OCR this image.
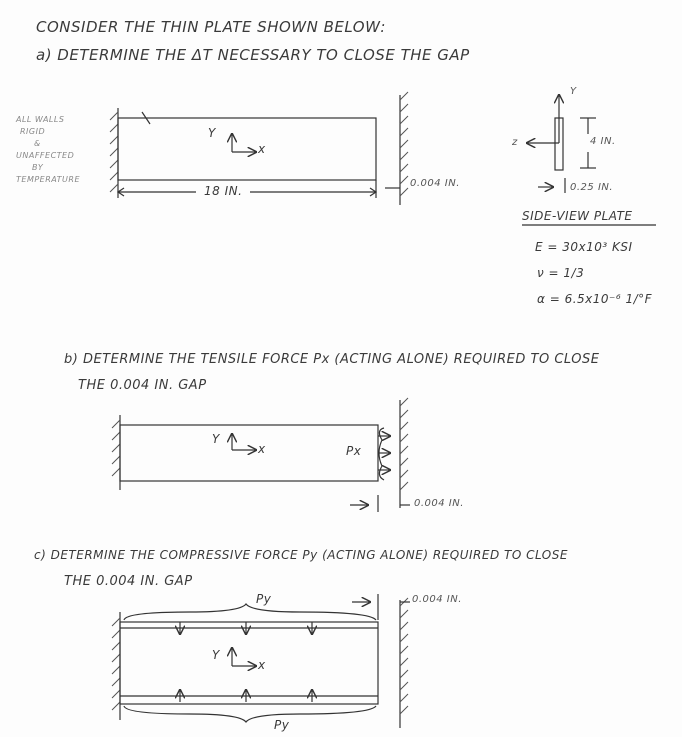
CONSIDER THE THIN PLATE SHOWN BELOW:
a) DETERMINE THE ΔT NECESSARY TO CLOSE THE GAP
ALL WALLS
RIGID
&
UNAFFECTED
BY
TEMPERATURE
Y
x
18 IN.
0.004 IN.
Y
z	4 IN.
0.25 IN.
SIDE-VIEW PLATE
E = 30x10³ KSI
ν = 1/3
α = 6.5x10⁻⁶ 1/°F
b) DETERMINE THE TENSILE FORCE Px (ACTING ALONE) REQUIRED TO CLOSE
THE 0.004 IN. GAP
Y
x	Px
0.004 IN.
c) DETERMINE THE COMPRESSIVE FORCE Py (ACTING ALONE) REQUIRED TO CLOSE
THE 0.004 IN. GAP
Py	0.004 IN.
Y
x
Py
